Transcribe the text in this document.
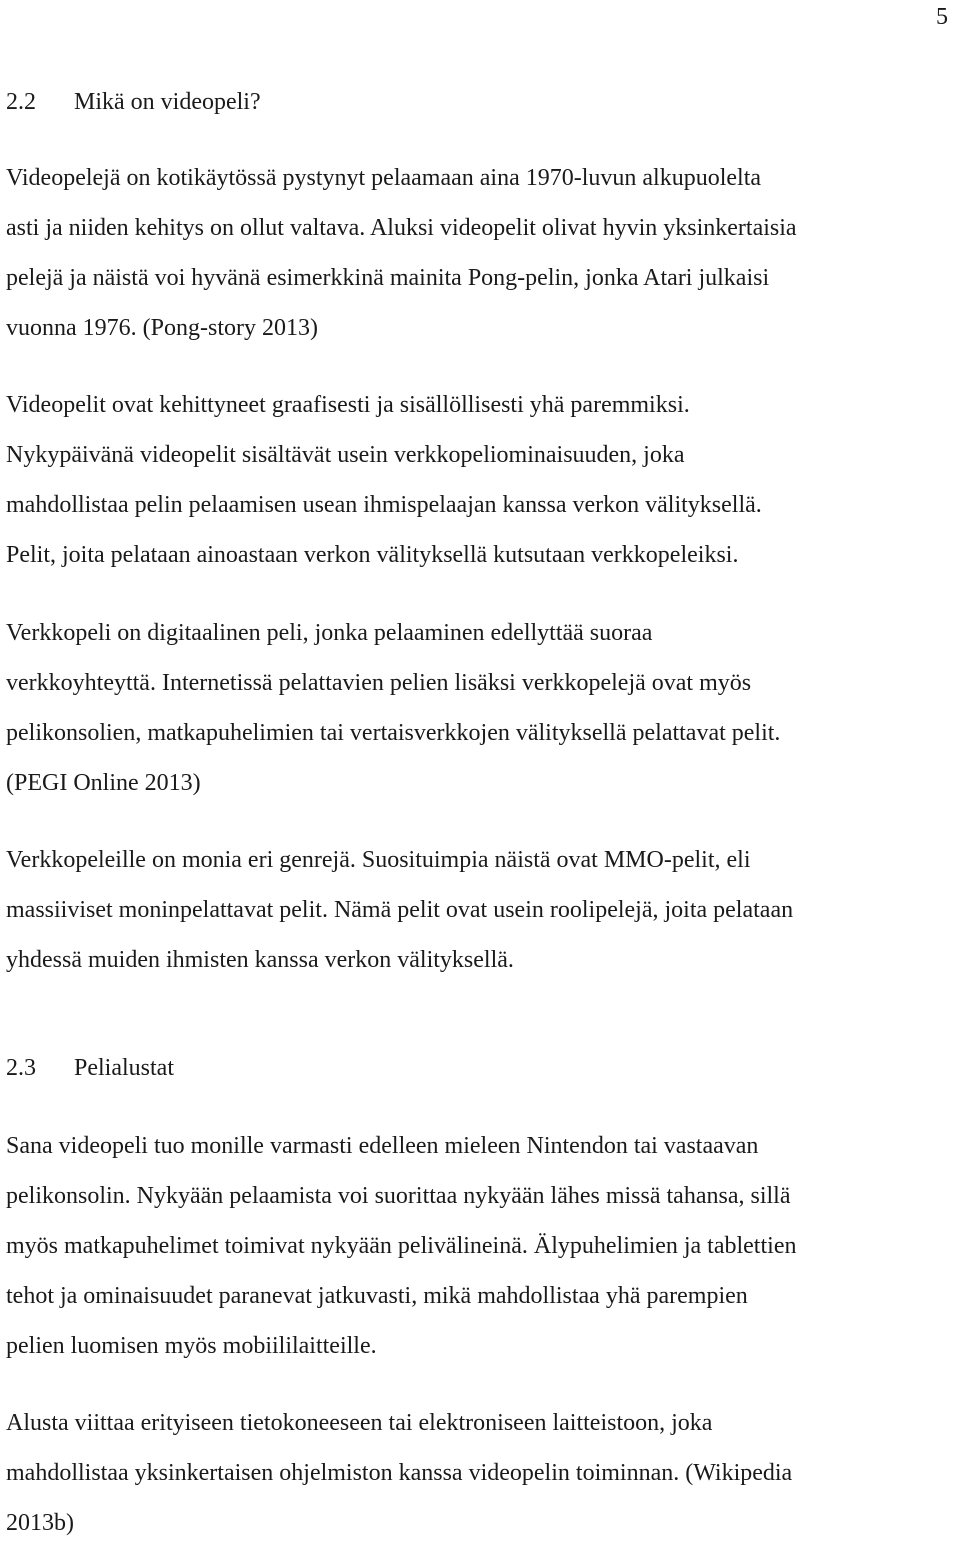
5
2.2 Mikä on videopeli?
Videopelejä on kotikäytössä pystynyt pelaamaan aina 1970-luvun alkupuolelta
asti ja niiden kehitys on ollut valtava. Aluksi videopelit olivat hyvin yksinkertaisia
pelejä ja näistä voi hyvänä esimerkkinä mainita Pong-pelin, jonka Atari julkaisi
vuonna 1976. (Pong-story 2013)
Videopelit ovat kehittyneet graafisesti ja sisällöllisesti yhä paremmiksi.
Nykypäivänä videopelit sisältävät usein verkkopeliominaisuuden, joka
mahdollistaa pelin pelaamisen usean ihmispelaajan kanssa verkon välityksellä.
Pelit, joita pelataan ainoastaan verkon välityksellä kutsutaan verkkopeleiksi.
Verkkopeli on digitaalinen peli, jonka pelaaminen edellyttää suoraa
verkkoyhteyttä. Internetissä pelattavien pelien lisäksi verkkopelejä ovat myös
pelikonsolien, matkapuhelimien tai vertaisverkkojen välityksellä pelattavat pelit.
(PEGI Online 2013)
Verkkopeleille on monia eri genrejä. Suosituimpia näistä ovat MMO-pelit, eli
massiiviset moninpelattavat pelit. Nämä pelit ovat usein roolipelejä, joita pelataan
yhdessä muiden ihmisten kanssa verkon välityksellä.
2.3 Pelialustat
Sana videopeli tuo monille varmasti edelleen mieleen Nintendon tai vastaavan
pelikonsolin. Nykyään pelaamista voi suorittaa nykyään lähes missä tahansa, sillä
myös matkapuhelimet toimivat nykyään pelivälineinä. Älypuhelimien ja tablettien
tehot ja ominaisuudet paranevat jatkuvasti, mikä mahdollistaa yhä parempien
pelien luomisen myös mobiililaitteille.
Alusta viittaa erityiseen tietokoneeseen tai elektroniseen laitteistoon, joka
mahdollistaa yksinkertaisen ohjelmiston kanssa videopelin toiminnan. (Wikipedia
2013b)
